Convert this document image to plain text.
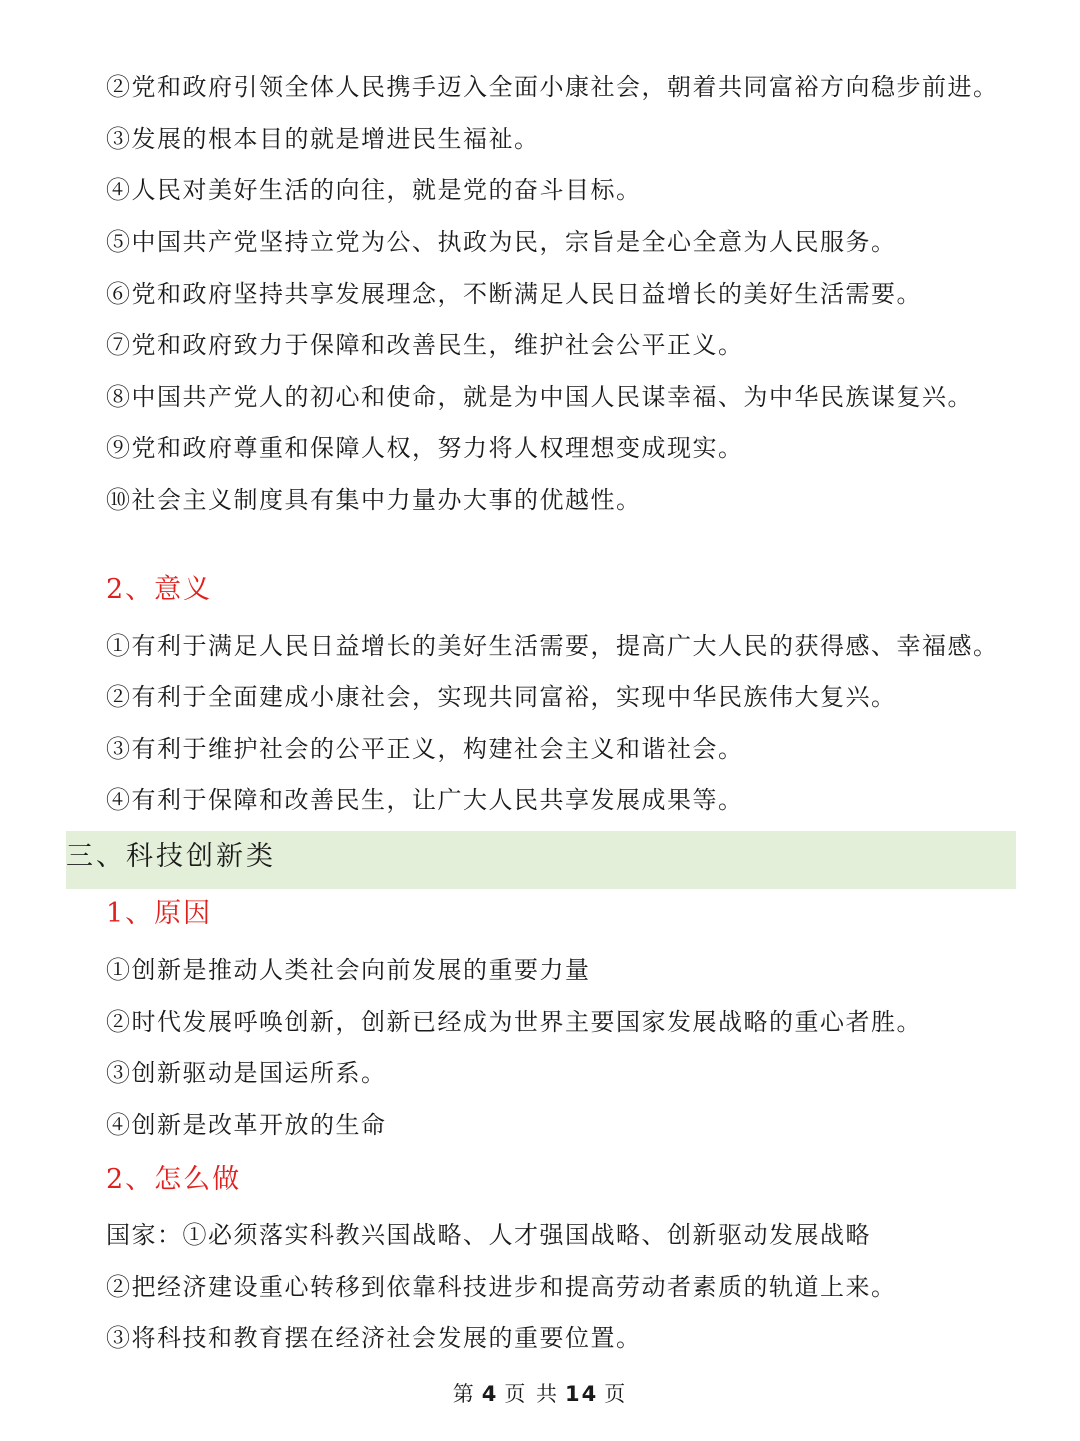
②党和政府引领全体人民携手迈入全面小康社会，朝着共同富裕方向稳步前进。
③发展的根本目的就是增进民生福祉。
④人民对美好生活的向往，就是党的奋斗目标。
⑤中国共产党坚持立党为公、执政为民，宗旨是全心全意为人民服务。
⑥党和政府坚持共享发展理念，不断满足人民日益增长的美好生活需要。
⑦党和政府致力于保障和改善民生，维护社会公平正义。
⑧中国共产党人的初心和使命，就是为中国人民谋幸福、为中华民族谋复兴。
⑨党和政府尊重和保障人权，努力将人权理想变成现实。
⑩社会主义制度具有集中力量办大事的优越性。
2、意义
①有利于满足人民日益增长的美好生活需要，提高广大人民的获得感、幸福感。
②有利于全面建成小康社会，实现共同富裕，实现中华民族伟大复兴。
③有利于维护社会的公平正义，构建社会主义和谐社会。
④有利于保障和改善民生，让广大人民共享发展成果等。
三、科技创新类
1、原因
①创新是推动人类社会向前发展的重要力量
②时代发展呼唤创新，创新已经成为世界主要国家发展战略的重心者胜。
③创新驱动是国运所系。
④创新是改革开放的生命
2、怎么做
国家：①必须落实科教兴国战略、人才强国战略、创新驱动发展战略
②把经济建设重心转移到依靠科技进步和提高劳动者素质的轨道上来。
③将科技和教育摆在经济社会发展的重要位置。
第 4 页 共 14 页
